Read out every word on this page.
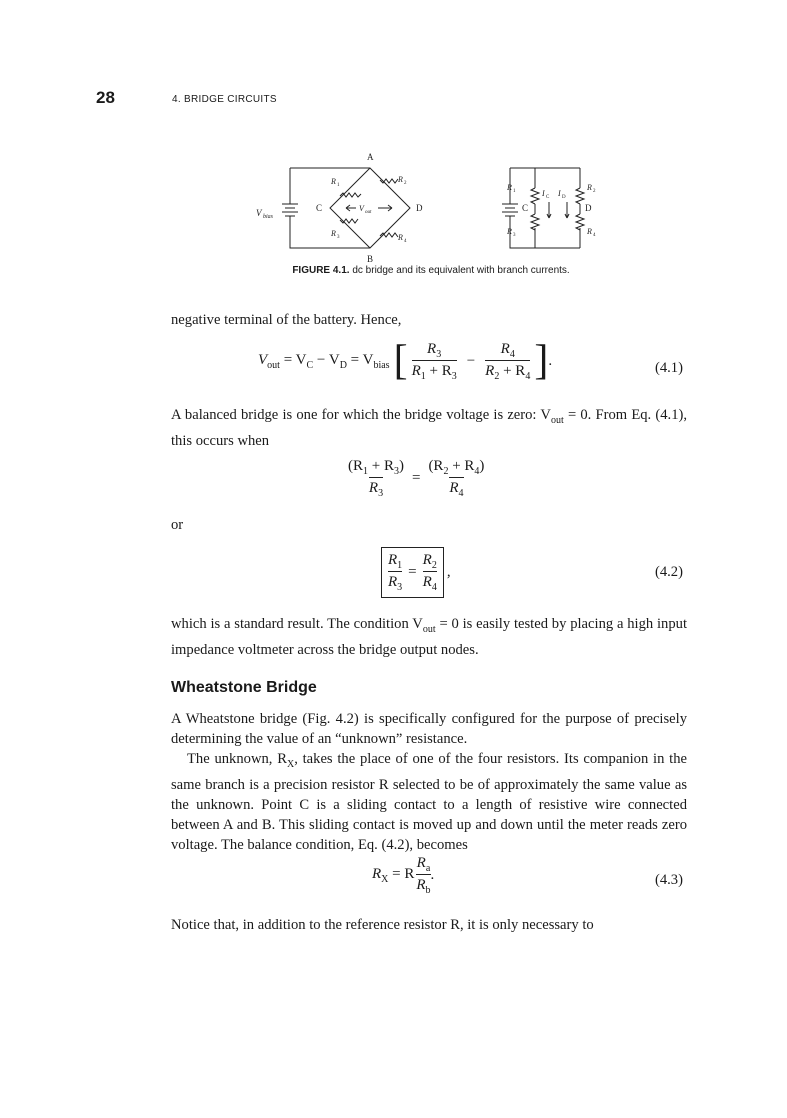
28	4. BRIDGE CIRCUITS
A
B
C	D
V bias
V out
R 1
R 2
R 3	R 4
C	D
R 1	R 2
R 3	R 4
I C I D
FIGURE 4.1. dc bridge and its equivalent with branch currents.
negative terminal of the battery. Hence,
$V_{out} = V_C - V_D = V_{bias}$ [ $R_3$
$R_1 + R_3$
− $\frac{R_4}{R_2 + R_4}$ ] .	(4.1)
A balanced bridge is one for which the bridge voltage is zero: $V_{out} = 0$. From Eq. (4.1), this occurs when
$\frac{(R_1 + R_3)}{R_3} = \frac{(R_2 + R_4)}{R_4}$
or
$\frac{R_1}{R_3} = \frac{R_2}{R_4}$ ,	(4.2)
which is a standard result. The condition $V_{out} = 0$ is easily tested by placing a high input impedance voltmeter across the bridge output nodes.
Wheatstone Bridge
A Wheatstone bridge (Fig. 4.2) is specifically configured for the purpose of precisely determining the value of an “unknown” resistance.
The unknown, $R_X$, takes the place of one of the four resistors. Its companion in the same branch is a precision resistor R selected to be of approximately the same value as the unknown. Point C is a sliding contact to a length of resistive wire connected between A and B. This sliding contact is moved up and down until the meter reads zero voltage. The balance condition, Eq. (4.2), becomes
$R_X = R$
$R_a$
$R_b$
.	(4.3)
Notice that, in addition to the reference resistor R, it is only necessary to
